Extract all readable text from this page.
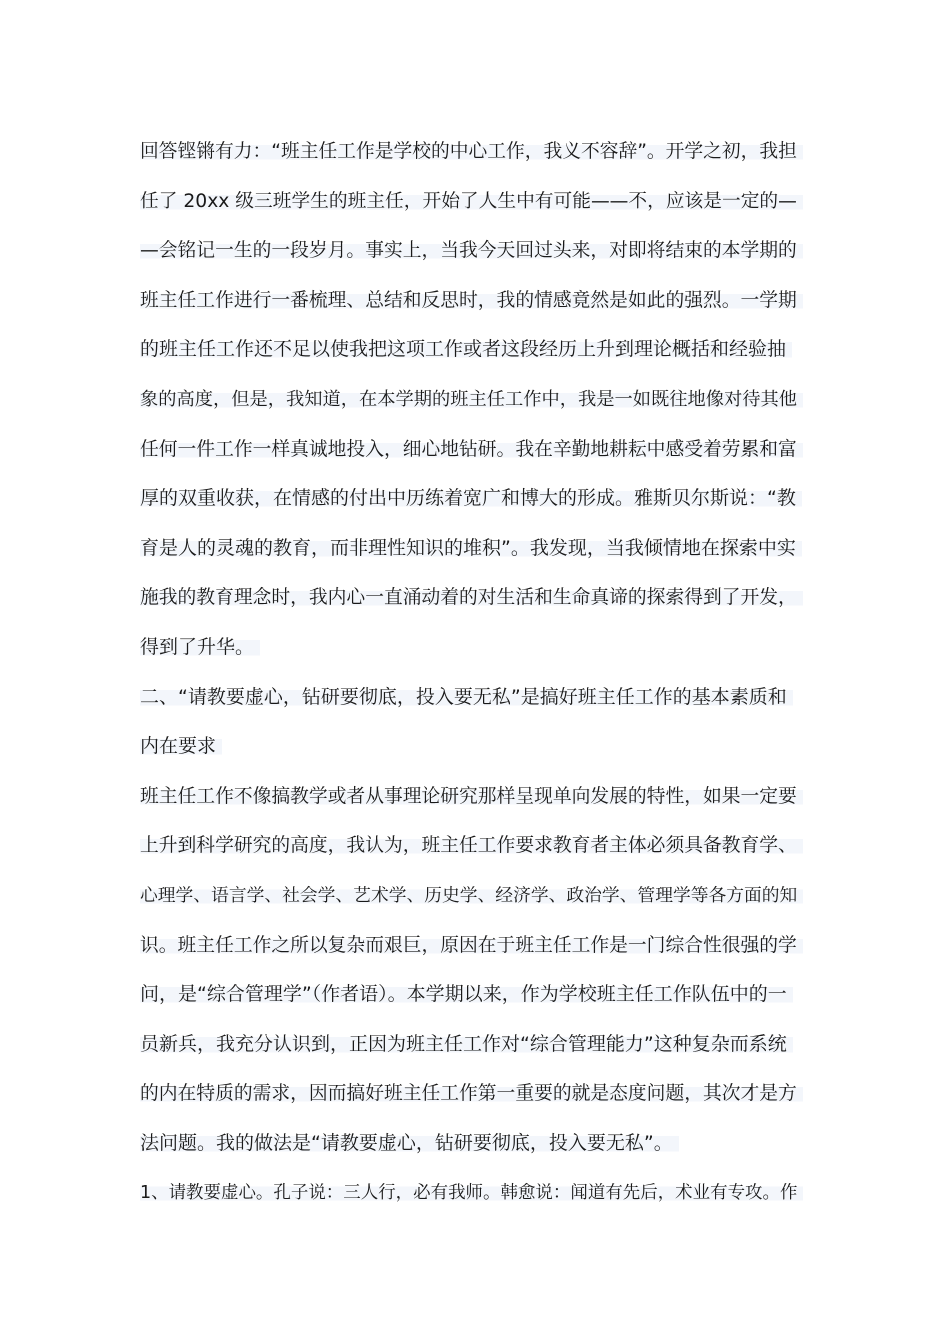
回答铿锵有力：“班主任工作是学校的中心工作，我义不容辞”。开学之初，我担
任了 20xx 级三班学生的班主任，开始了人生中有可能——不，应该是一定的—
—会铭记一生的一段岁月。事实上，当我今天回过头来，对即将结束的本学期的
班主任工作进行一番梳理、总结和反思时，我的情感竟然是如此的强烈。一学期
的班主任工作还不足以使我把这项工作或者这段经历上升到理论概括和经验抽
象的高度，但是，我知道，在本学期的班主任工作中，我是一如既往地像对待其他
任何一件工作一样真诚地投入，细心地钻研。我在辛勤地耕耘中感受着劳累和富
厚的双重收获，在情感的付出中历练着宽广和博大的形成。雅斯贝尔斯说：“教
育是人的灵魂的教育，而非理性知识的堆积”。我发现，当我倾情地在探索中实
施我的教育理念时，我内心一直涌动着的对生活和生命真谛的探索得到了开发，
得到了升华。
二、“请教要虚心，钻研要彻底，投入要无私”是搞好班主任工作的基本素质和
内在要求
班主任工作不像搞教学或者从事理论研究那样呈现单向发展的特性，如果一定要
上升到科学研究的高度，我认为，班主任工作要求教育者主体必须具备教育学、
心理学、语言学、社会学、艺术学、历史学、经济学、政治学、管理学等各方面的知
识。班主任工作之所以复杂而艰巨，原因在于班主任工作是一门综合性很强的学
问，是“综合管理学”（作者语）。本学期以来，作为学校班主任工作队伍中的一
员新兵，我充分认识到，正因为班主任工作对“综合管理能力”这种复杂而系统
的内在特质的需求，因而搞好班主任工作第一重要的就是态度问题，其次才是方
法问题。我的做法是“请教要虚心，钻研要彻底，投入要无私”。
1、请教要虚心。孔子说：三人行，必有我师。韩愈说：闻道有先后，术业有专攻。作
